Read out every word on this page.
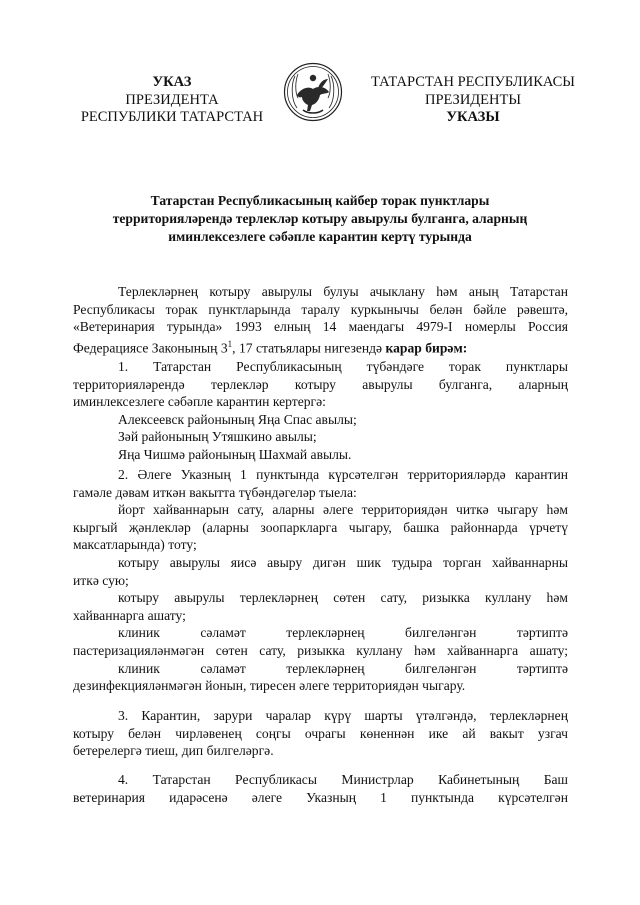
УКАЗ
ПРЕЗИДЕНТА
РЕСПУБЛИКИ ТАТАРСТАН
ТАТАРСТАН РЕСПУБЛИКАСЫ
ПРЕЗИДЕНТЫ
УКАЗЫ
Татарстан Республикасының кайбер торак пунктлары
территорияләрендә терлекләр котыру авырулы булганга, аларның
иминлексезлеге сәбәпле карантин кертү турында
Терлекләрнең котыру авырулы булуы ачыклану һәм аның Татарстан
Республикасы торак пунктларында таралу куркынычы белән бәйле рәвештә,
«Ветеринария турында» 1993 елның 14 маендагы 4979-I номерлы Россия
Федерациясе Законының $3^1$, 17 статьялары нигезендә карар бирәм:
1. Татарстан Республикасының түбәндәге торак пунктлары
территорияләрендә терлекләр котыру авырулы булганга, аларның
иминлексезлеге сәбәпле карантин кертергә:
Алексеевск районының Яңа Спас авылы;
Зәй районының Утяшкино авылы;
Яңа Чишмә районының Шахмай авылы.
2. Әлеге Указның 1 пунктында күрсәтелгән территорияләрдә карантин
гамәле дәвам иткән вакытта түбәндәгеләр тыела:
йорт хайваннарын сату, аларны әлеге территориядән читкә чыгару һәм
кыргый җәнлекләр (аларны зоопаркларга чыгару, башка районнарда үрчетү
максатларында) тоту;
котыру авырулы яисә авыру дигән шик тудыра торган хайваннарны
иткә сую;
котыру авырулы терлекләрнең сөтен сату, ризыкка куллану һәм
хайваннарга ашату;
клиник сәламәт терлекләрнең билгеләнгән тәртиптә
пастеризацияләнмәгән сөтен сату, ризыкка куллану һәм хайваннарга ашату;
клиник сәламәт терлекләрнең билгеләнгән тәртиптә
дезинфекцияләнмәгән йонын, тиресен әлеге территориядән чыгару.
3. Карантин, зарури чаралар күрү шарты үтәлгәндә, терлекләрнең
котыру белән чирләвенең соңгы очрагы көненнән ике ай вакыт узгач
бетерелергә тиеш, дип билгеләргә.
4. Татарстан Республикасы Министрлар Кабинетының Баш
ветеринария идарәсенә әлеге Указның 1 пунктында күрсәтелгән
